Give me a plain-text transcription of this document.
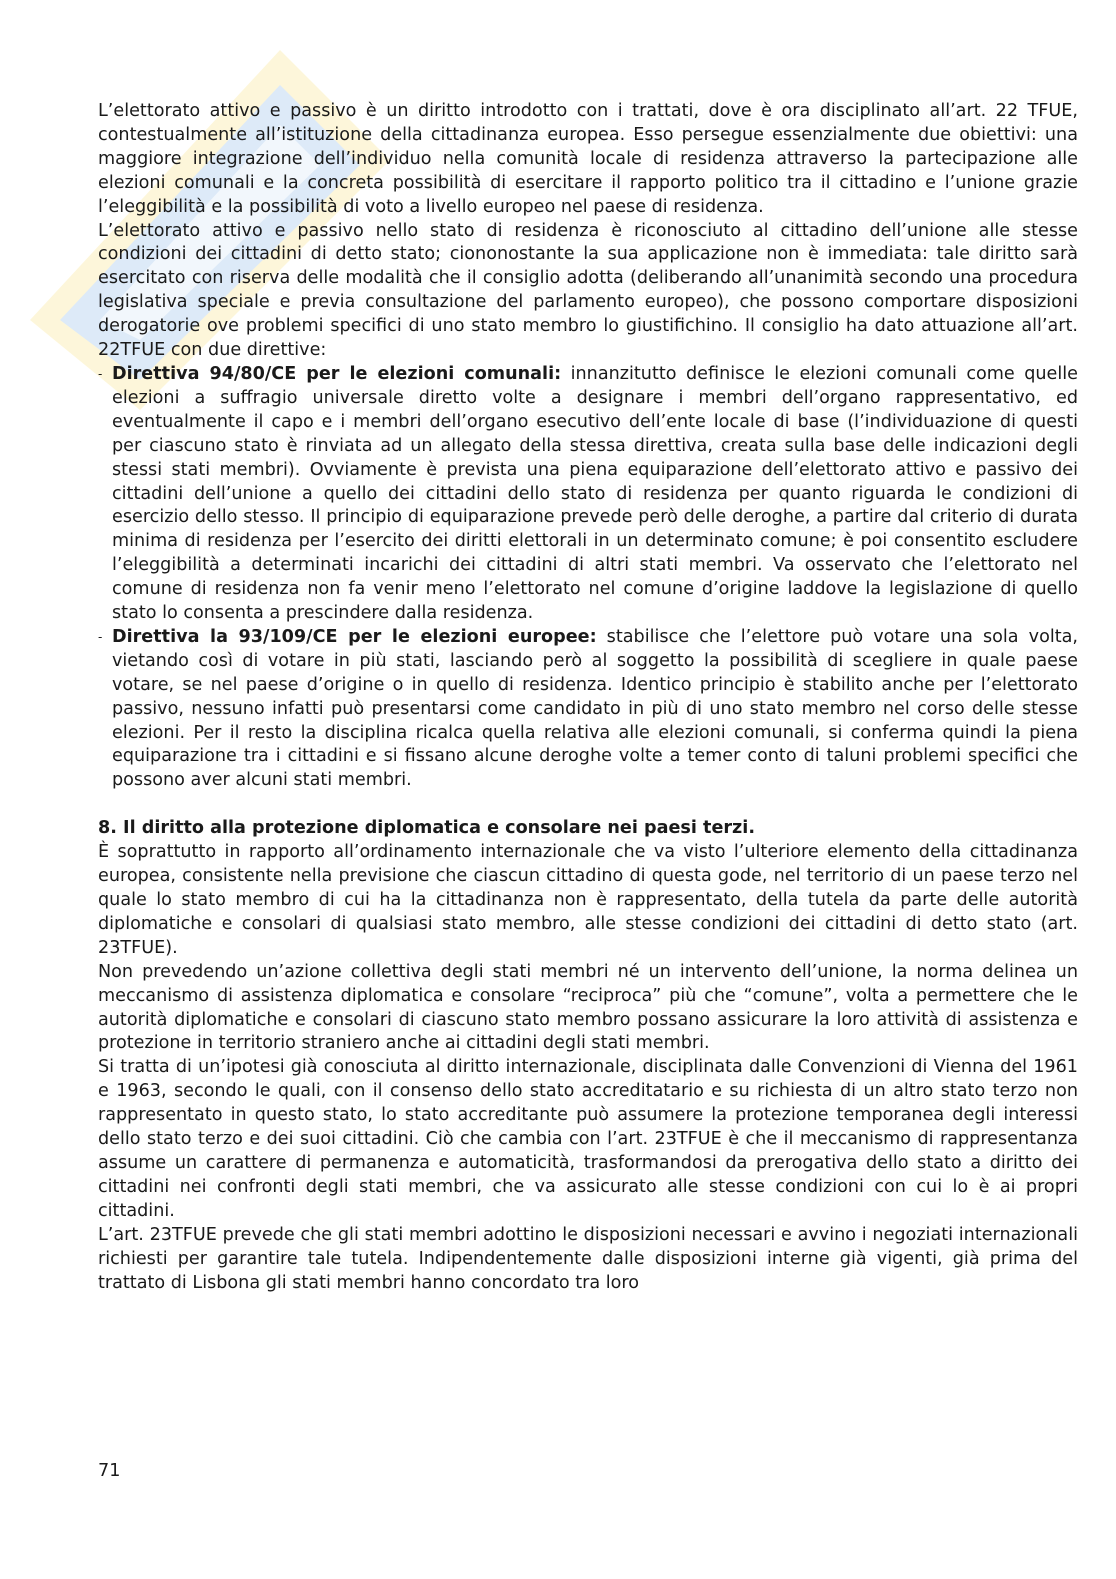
L’elettorato attivo e passivo è un diritto introdotto con i trattati, dove è ora disciplinato all’art. 22 TFUE, contestualmente all’istituzione della cittadinanza europea. Esso persegue essenzialmente due obiettivi: una maggiore integrazione dell’individuo nella comunità locale di residenza attraverso la partecipazione alle elezioni comunali e la concreta possibilità di esercitare il rapporto politico tra il cittadino e l’unione grazie l’eleggibilità e la possibilità di voto a livello europeo nel paese di residenza.

L’elettorato attivo e passivo nello stato di residenza è riconosciuto al cittadino dell’unione alle stesse condizioni dei cittadini di detto stato; ciononostante la sua applicazione non è immediata: tale diritto sarà esercitato con riserva delle modalità che il consiglio adotta (deliberando all’unanimità secondo una procedura legislativa speciale e previa consultazione del parlamento europeo), che possono comportare disposizioni derogatorie ove problemi specifici di uno stato membro lo giustifichino. Il consiglio ha dato attuazione all’art. 22TFUE con due direttive:

- Direttiva 94/80/CE per le elezioni comunali: innanzitutto definisce le elezioni comunali come quelle elezioni a suffragio universale diretto volte a designare i membri dell’organo rappresentativo, ed eventualmente il capo e i membri dell’organo esecutivo dell’ente locale di base (l’individuazione di questi per ciascuno stato è rinviata ad un allegato della stessa direttiva, creata sulla base delle indicazioni degli stessi stati membri). Ovviamente è prevista una piena equiparazione dell’elettorato attivo e passivo dei cittadini dell’unione a quello dei cittadini dello stato di residenza per quanto riguarda le condizioni di esercizio dello stesso. Il principio di equiparazione prevede però delle deroghe, a partire dal criterio di durata minima di residenza per l’esercito dei diritti elettorali in un determinato comune; è poi consentito escludere l’eleggibilità a determinati incarichi dei cittadini di altri stati membri. Va osservato che l’elettorato nel comune di residenza non fa venir meno l’elettorato nel comune d’origine laddove la legislazione di quello stato lo consenta a prescindere dalla residenza.
- Direttiva la 93/109/CE per le elezioni europee: stabilisce che l’elettore può votare una sola volta, vietando così di votare in più stati, lasciando però al soggetto la possibilità di scegliere in quale paese votare, se nel paese d’origine o in quello di residenza. Identico principio è stabilito anche per l’elettorato passivo, nessuno infatti può presentarsi come candidato in più di uno stato membro nel corso delle stesse elezioni. Per il resto la disciplina ricalca quella relativa alle elezioni comunali, si conferma quindi la piena equiparazione tra i cittadini e si fissano alcune deroghe volte a temer conto di taluni problemi specifici che possono aver alcuni stati membri.

8. Il diritto alla protezione diplomatica e consolare nei paesi terzi.

È soprattutto in rapporto all’ordinamento internazionale che va visto l’ulteriore elemento della cittadinanza europea, consistente nella previsione che ciascun cittadino di questa gode, nel territorio di un paese terzo nel quale lo stato membro di cui ha la cittadinanza non è rappresentato, della tutela da parte delle autorità diplomatiche e consolari di qualsiasi stato membro, alle stesse condizioni dei cittadini di detto stato (art. 23TFUE).

Non prevedendo un’azione collettiva degli stati membri né un intervento dell’unione, la norma delinea un meccanismo di assistenza diplomatica e consolare “reciproca” più che “comune”, volta a permettere che le autorità diplomatiche e consolari di ciascuno stato membro possano assicurare la loro attività di assistenza e protezione in territorio straniero anche ai cittadini degli stati membri.

Si tratta di un’ipotesi già conosciuta al diritto internazionale, disciplinata dalle Convenzioni di Vienna del 1961 e 1963, secondo le quali, con il consenso dello stato accreditatario e su richiesta di un altro stato terzo non rappresentato in questo stato, lo stato accreditante può assumere la protezione temporanea degli interessi dello stato terzo e dei suoi cittadini. Ciò che cambia con l’art. 23TFUE è che il meccanismo di rappresentanza assume un carattere di permanenza e automaticità, trasformandosi da prerogativa dello stato a diritto dei cittadini nei confronti degli stati membri, che va assicurato alle stesse condizioni con cui lo è ai propri cittadini.

L’art. 23TFUE prevede che gli stati membri adottino le disposizioni necessari e avvino i negoziati internazionali richiesti per garantire tale tutela. Indipendentemente dalle disposizioni interne già vigenti, già prima del trattato di Lisbona gli stati membri hanno concordato tra loro

71
